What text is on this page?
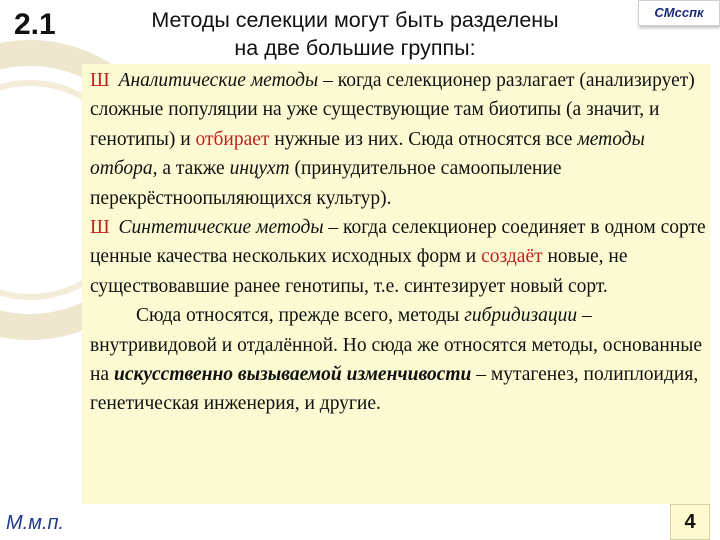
2.1	Методы селекции могут быть разделены
на две большие группы:
СМсспк
Ш Аналитические методы – когда селекционер разлагает (анализирует) сложные популяции на уже существующие там биотипы (а значит, и генотипы) и отбирает нужные из них. Сюда относятся все методы отбора, а также инцухт (принудительное самоопыление перекрёстноопыляющихся культур).
Ш Синтетические методы – когда селекционер соединяет в одном сорте ценные качества нескольких исходных форм и создаёт новые, не существовавшие ранее генотипы, т.е. синтезирует новый сорт.
Сюда относятся, прежде всего, методы гибридизации – внутривидовой и отдалённой. Но сюда же относятся методы, основанные на искусственно вызываемой изменчивости – мутагенез, полиплоидия, генетическая инженерия, и другие.
М.м.п.	4
